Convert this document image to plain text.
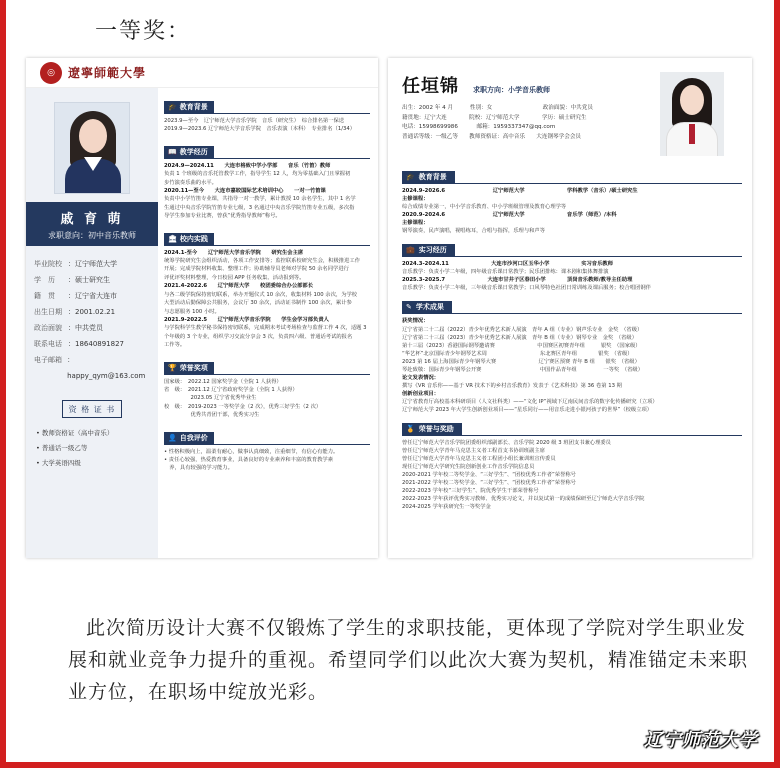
一等奖：
◎	遼寧師範大學
戚 育 萌
求职意向：初中音乐教师
毕业院校 ：辽宁师范大学
学　历	：硕士研究生
籍　贯	：辽宁省大连市
出生日期 ：2001.02.21
政治面貌 ：中共党员
联系电话 ：18640891827
电子邮箱 ：happy_qym@163.com
资 格 证 书
• 教师资格证（高中音乐）
• 普通话一级乙等
• 大学英语四级
🎓 教育背景
2023.9—至今　辽宁师范大学音乐学院　音乐（研究生）　综合排名第一保送
2019.9—2023.6 辽宁师范大学音乐学院　音乐表演（本科）　专业排名（1/34）
📖 教学经历
2024.9—2024.11　　大连市格致中学小学部　　音乐（竹笛）教师
负责 1 个班级的音乐托管教学工作，指导学生 12 人，均为零基础入门且掌握初
步竹演奏乐曲的水平。
2020.11—至今　　大连市嘉皎国际艺术培训中心　　一对一竹笛课
负责中小学竹笛专业课，共指导一对一教学，累计教授 10 余名学生，其中 1 名学
生通过中央音乐学院竹笛专业七级，3 名通过中央音乐学院竹笛专业五级，多次指
导学生参加专业比赛，曾获“优秀指导教师”称号。
🏛 校内实践
2024.1-至今　　辽宁师范大学音乐学院　　研究生会主席
统筹学院研究生会组织活动，各项工作安排等；监控联系校研究生会，积极推进工作
开展；完成学院材料收集、整理工作；协助辅导员老师对学院 50 余名同学进行
评优评奖材料整理，今日校园 APP 任务收集、活动报到等。
2021.4-2022.6　　辽宁师范大学　　校团委综合办公部部长
与各二级学院保持密切联系，举办开题仪式 10 余次，收集材料 100 余次，为学校
大型活动后勤保障公共服务，会议厅 30 余次，活动证书制作 100 余次，累计参
与志愿服务 100 小时。
2021.9-2022.5　　辽宁师范大学音乐学院　　学生会学习部负责人
与学院科学生教学秘书保持密切联系，完成期末考试考场检查与监督工作 4 次，适题 3
个年级的 3 个专业，组织学习交流分享会 3 次，负责四六级、普通话考试的报名
工作等。
🏆 荣誉奖项
国家级：　2022.12 国家奖学金（全院 1 人获得）
省　级：　2021.12 辽宁省政府奖学金（全院 1 人获得）
　　　　　2023.05 辽宁省优秀毕业生
校　级：　2019-2023 一等奖学金（2 次），优秀三好学生（2 次）
　　　　　优秀共青团干部，优秀实习生
👤 自我评价
• 性格积极向上，温柔有耐心，做事认真细致，注重细节，有信心有能力。
• 责任心较强，热爱教育事业，具备良好的专业素养和丰富的教育教学素
　养，具有较强的学习能力。
任垣锦 求职方向：小学音乐教师
出生：2002 年 4 月　　　性别：女　　　　　　　　　政治面貌：中共党员
籍贯地：辽宁大连　　　　院校：辽宁师范大学　　　　学历：硕士研究生
电话：15998699986　　　 邮箱：1959337347@qq.com
普通话等级：一级乙等　　教师资格证：高中音乐　　大连钢琴学会会员
🎓 教育背景
2024.9-2026.6　　　　　　　　　辽宁师范大学　　　　　　　　学科教学（音乐）/硕士研究生
主修课程：
综合成绩专业第一，中小学音乐教育、中小学班级管理及教育心理学等
2020.9-2024.6　　　　　　　　　辽宁师范大学　　　　　　　　音乐学（师范）/本科
主修课程：
钢琴演奏，民声演唱，视唱练耳，合唱与指挥，乐理与和声等
💼 实习经历
2024.3-2024.11　　　　　　　　大连市沙河口区玉华小学　　　　　　实习音乐教师
音乐教学：负责小学二年级，四年级音乐课日常教学；民乐团排练：课本剧和集体舞排演
2025.3-2025.7　　　　　　　　大连市甘井子区春田小学　　　　顶岗音乐教师/教导主任助理
音乐教学：负责小学二年级，三年级音乐课日常教学；口风琴特色社团日常训练及课后服务；校合唱团钢伴
✎ 学术成果
获奖情况：
辽宁省第二十二届（2022）青少年优秀艺术新人展演　青年 A 组（专业）钢声乐专业　金奖　（省级）
辽宁省第二十三届（2023）青少年优秀艺术新人展演　青年 B 组（专业）钢琴专业　金奖　（省级）
第十三届（2023）香港国际钢琴邀请赛　　　　　　　　中国赛区初赛青年组　　　银奖　（国家级）
“华艺杯”北京国际青少年钢琴艺术周　　　　　　　　　　东北赛区青年组　　　　银奖　（省级）
2023 第 16 届上海国际青少年钢琴大赛　　　　　　　　辽宁赛区预赛 青年 B 组　　银奖　（省级）
琴赴致敬：国际青少年钢琴公开赛　　　　　　　　　　　中国作品青年组　　　　　一等奖　（省级）
论文发表情况：
撰写《VR 音乐你——基于 VR 技术下的乡村音乐教育》发表于《艺术科技》第 36 卷第 13 期
创新创业项目：
辽宁省教育厅高校基本科研项目（人文社科类）——“文化 IP”视域下辽南民间音乐的数字化传播研究（立项）
辽宁师范大学 2023 年大学生创新创业项目——“星乐同行——用音乐走进小银河孩子的世界”（校级立项）
🏅 荣誉与奖励
曾任辽宁师范大学音乐学院团委组织部副部长、音乐学院 2020 级 3 班团支书兼心理委员
曾任辽宁师范大学青年马克思主义者工程首支书协训班副主席
曾任辽宁师范大学青年马克思主义者工程团小组长兼训班宣传委员
现任辽宁师范大学研究生院创新创业工作音乐学院信息员
2020-2021 学年校二等奖学金、“三好学生”、“团校优秀工作者”荣誉称号
2021-2022 学年校二等奖学金、“三好学生”、“团校优秀工作者”荣誉称号
2022-2023 学年校“三好学生”、院优秀学生干部荣誉称号
2022-2023 学年获评优秀实习教师、优秀实习论文，并以复试第一的成绩保研至辽宁师范大学音乐学院
2024-2025 学年获研究生一等奖学金
此次简历设计大赛不仅锻炼了学生的求职技能，更体现了学院对学生职业发展和就业竞争力提升的重视。希望同学们以此次大赛为契机，精准锚定未来职业方位，在职场中绽放光彩。
辽宁师范大学
